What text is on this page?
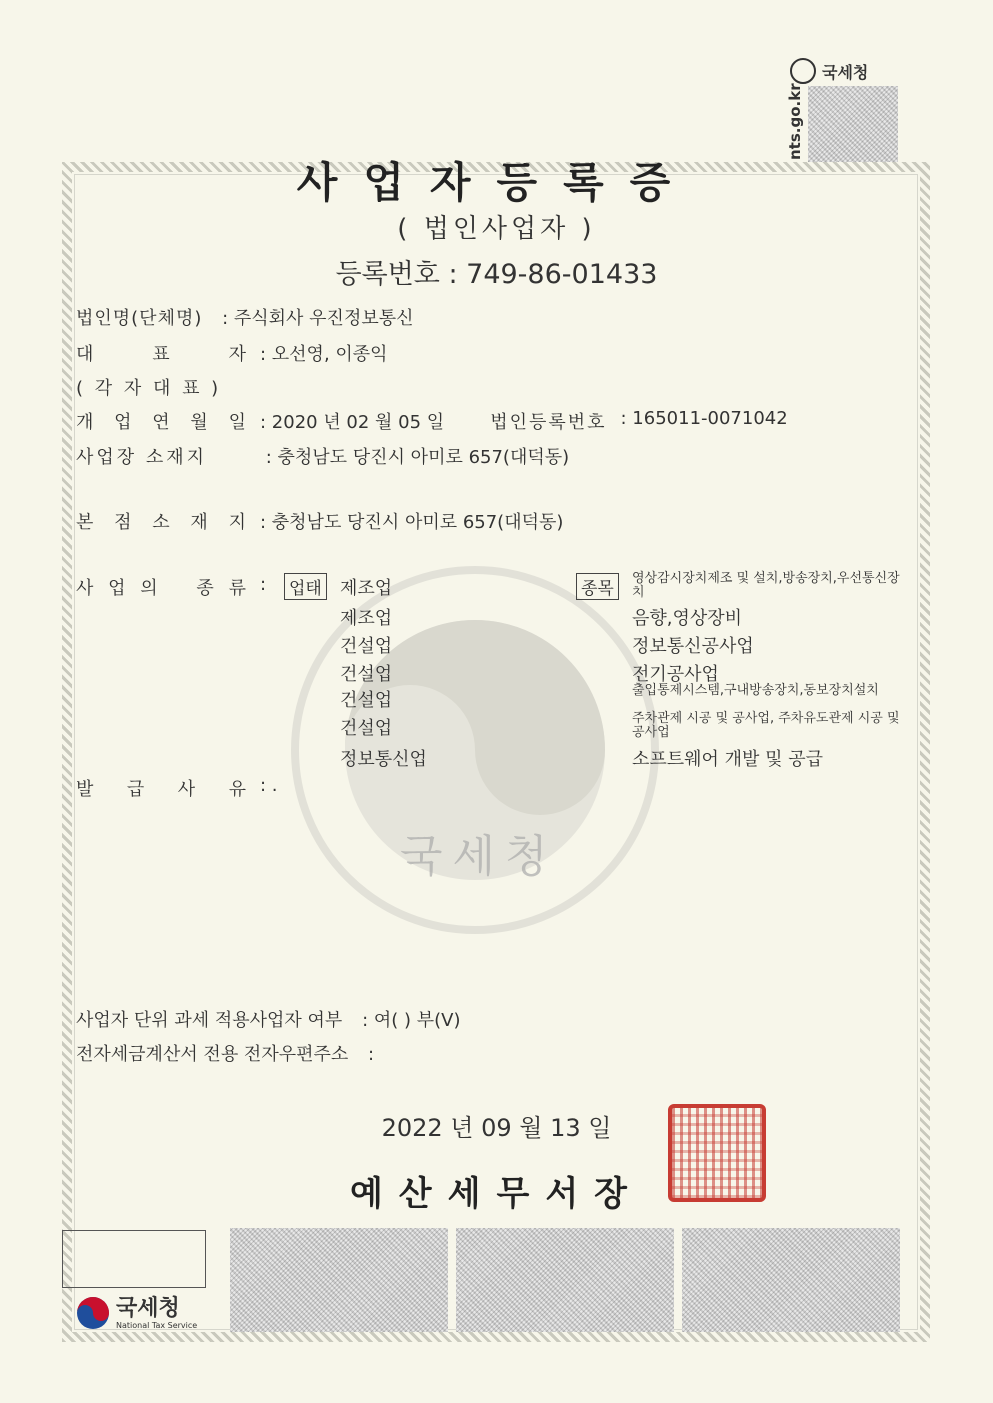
국세청
국세청
nts.go.kr
사업자등록증
( 법인사업자 )
등록번호 : 749-86-01433
법인명(단체명) : 주식회사 우진정보통신
대	표	자 : 오선영, 이종익
( 각 자 대 표 )
개 업 연 월 일 : 2020 년 02 월 05 일	법인등록번호 : 165011-0071042
사업장 소재지	: 충청남도 당진시 아미로 657(대덕동)
본 점 소 재 지 : 충청남도 당진시 아미로 657(대덕동)
사 업 의 종 류 : 업태	종목
제조업	영상감시장치제조 및 설치,방송장치,우선통신장치
제조업	음향,영상장비
건설업	정보통신공사업
건설업	전기공사업
건설업	출입통제시스템,구내방송장치,동보장치설치
건설업	주차관제 시공 및 공사업, 주차유도관제 시공 및 공사업
정보통신업	소프트웨어 개발 및 공급
발 급 사 유 : .
사업자 단위 과세 적용사업자 여부 : 여( ) 부(V)
전자세금계산서 전용 전자우편주소 :
2022 년 09 월 13 일
예산세무서장
국세청
National Tax Service
